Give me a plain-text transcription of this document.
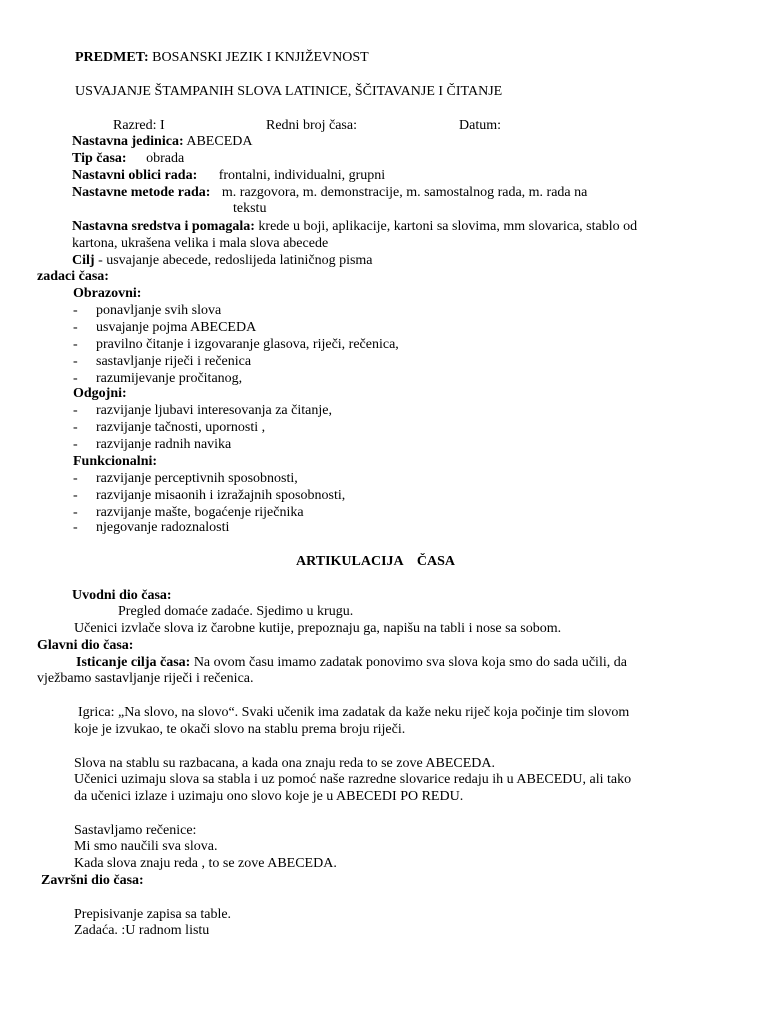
PREDMET: BOSANSKI JEZIK I KNJIŽEVNOST
USVAJANJE ŠTAMPANIH SLOVA LATINICE, ŠČITAVANJE I ČITANJE
Razred: I	Redni broj časa:	Datum:
Nastavna jedinica: ABECEDA
Tip časa: obrada
Nastavni oblici rada: frontalni, individualni, grupni
Nastavne metode rada: m. razgovora, m. demonstracije, m. samostalnog rada, m. rada na
tekstu
Nastavna sredstva i pomagala: krede u boji, aplikacije, kartoni sa slovima, mm slovarica, stablo od
kartona, ukrašena velika i mala slova abecede
Cilj - usvajanje abecede, redoslijeda latiničnog pisma
zadaci časa:
Obrazovni:
- ponavljanje svih slova
- usvajanje pojma ABECEDA
- pravilno čitanje i izgovaranje glasova, riječi, rečenica,
- sastavljanje riječi i rečenica
- razumijevanje pročitanog,
Odgojni:
- razvijanje ljubavi interesovanja za čitanje,
- razvijanje tačnosti, upornosti ,
- razvijanje radnih navika
Funkcionalni:
- razvijanje perceptivnih sposobnosti,
- razvijanje misaonih i izražajnih sposobnosti,
- razvijanje mašte, bogaćenje riječnika
- njegovanje radoznalosti
ARTIKULACIJA    ČASA
Uvodni dio časa:
Pregled domaće zadaće. Sjedimo u krugu.
Učenici izvlače slova iz čarobne kutije, prepoznaju ga, napišu na tabli i nose sa sobom.
Glavni dio časa:
Isticanje cilja časa: Na ovom času imamo zadatak ponovimo sva slova koja smo do sada učili, da
vježbamo sastavljanje riječi i rečenica.
Igrica: „Na slovo, na slovo“. Svaki učenik ima zadatak da kaže neku riječ koja počinje tim slovom
koje je izvukao, te okači slovo na stablu prema broju riječi.
Slova na stablu su razbacana, a kada ona znaju reda to se zove ABECEDA.
Učenici uzimaju slova sa stabla i uz pomoć naše razredne slovarice redaju ih u ABECEDU, ali tako
da učenici izlaze i uzimaju ono slovo koje je u ABECEDI PO REDU.
Sastavljamo rečenice:
Mi smo naučili sva slova.
Kada slova znaju reda , to se zove ABECEDA.
Završni dio časa:
Prepisivanje zapisa sa table.
Zadaća. :U radnom listu
